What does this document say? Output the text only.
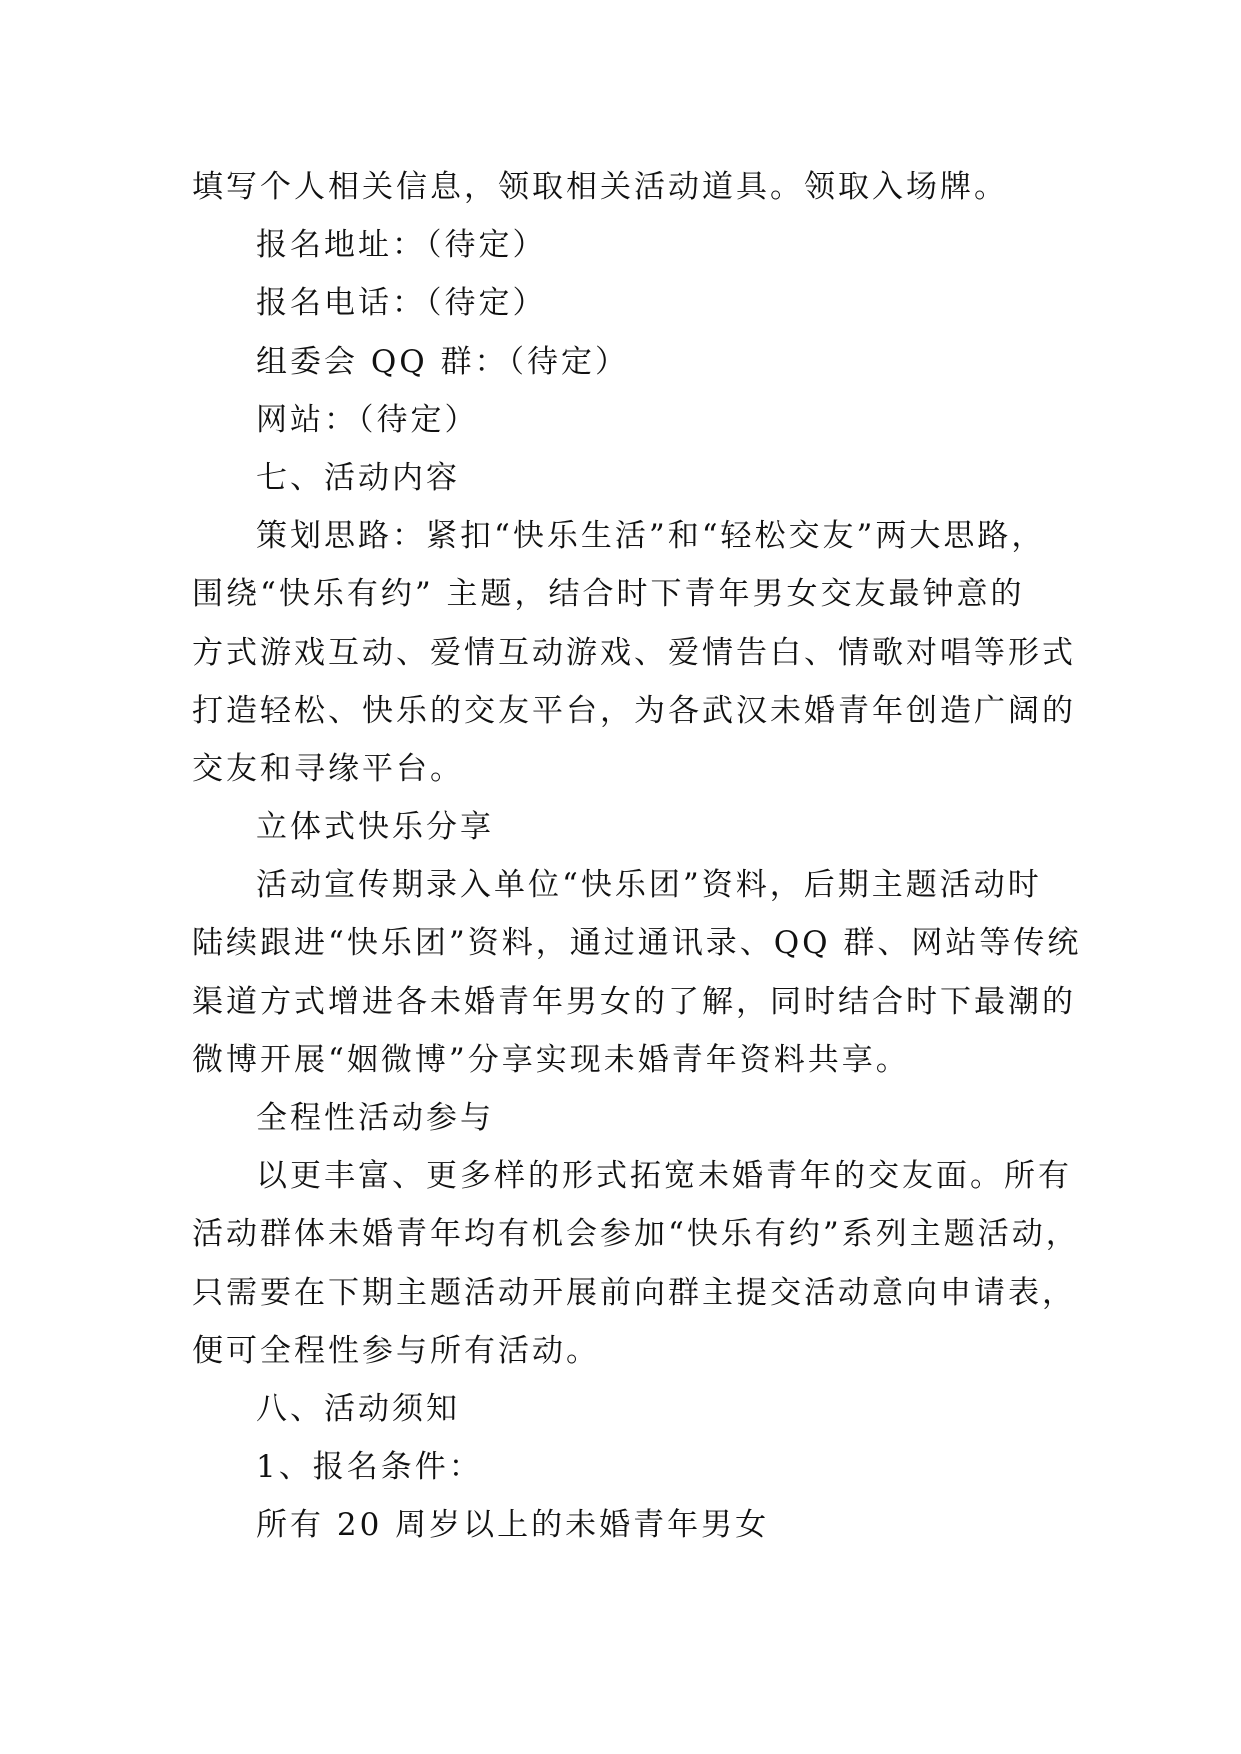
填写个人相关信息，领取相关活动道具。领取入场牌。
报名地址：（待定）
报名电话：（待定）
组委会 QQ 群：（待定）
网站：（待定）
七、活动内容
策划思路：紧扣“快乐生活”和“轻松交友”两大思路，
围绕“快乐有约” 主题，结合时下青年男女交友最钟意的
方式游戏互动、爱情互动游戏、爱情告白、情歌对唱等形式
打造轻松、快乐的交友平台，为各武汉未婚青年创造广阔的
交友和寻缘平台。
立体式快乐分享
活动宣传期录入单位“快乐团”资料，后期主题活动时
陆续跟进“快乐团”资料，通过通讯录、QQ 群、网站等传统
渠道方式增进各未婚青年男女的了解，同时结合时下最潮的
微博开展“姻微博”分享实现未婚青年资料共享。
全程性活动参与
以更丰富、更多样的形式拓宽未婚青年的交友面。所有
活动群体未婚青年均有机会参加“快乐有约”系列主题活动，
只需要在下期主题活动开展前向群主提交活动意向申请表，
便可全程性参与所有活动。
八、活动须知
1、报名条件：
所有 20 周岁以上的未婚青年男女
